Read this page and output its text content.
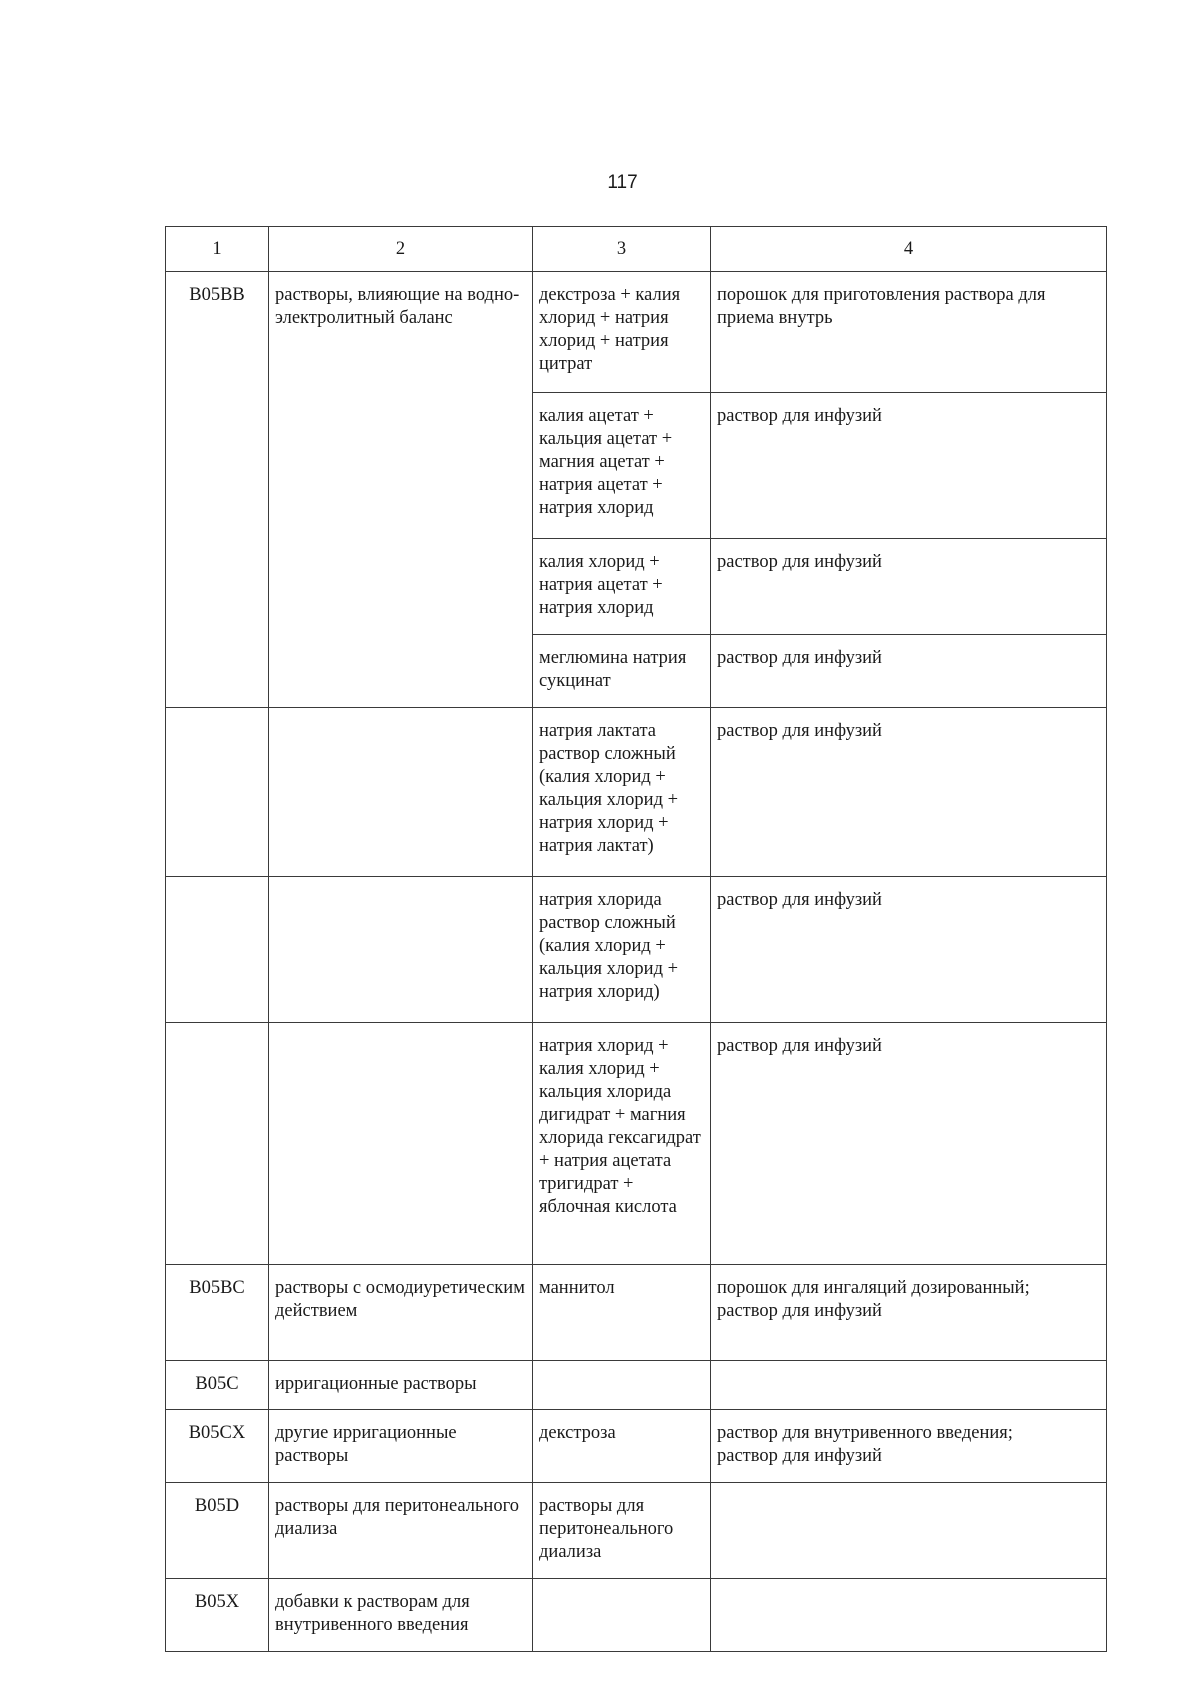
117
1	2	3	4
B05BB	растворы, влияющие на водно-электролитный баланс	декстроза + калия хлорид + натрия хлорид + натрия цитрат	порошок для приготовления раствора для приема внутрь
		калия ацетат + кальция ацетат + магния ацетат + натрия ацетат + натрия хлорид	раствор для инфузий
		калия хлорид + натрия ацетат + натрия хлорид	раствор для инфузий
		меглюмина натрия сукцинат	раствор для инфузий
		натрия лактата раствор сложный (калия хлорид + кальция хлорид + натрия хлорид + натрия лактат)	раствор для инфузий
		натрия хлорида раствор сложный (калия хлорид + кальция хлорид + натрия хлорид)	раствор для инфузий
		натрия хлорид + калия хлорид + кальция хлорида дигидрат + магния хлорида гексагидрат + натрия ацетата тригидрат + яблочная кислота	раствор для инфузий
B05BC	растворы с осмодиуретическим действием	маннитол	порошок для ингаляций дозированный;
раствор для инфузий
B05C	ирригационные растворы		
B05CX	другие ирригационные растворы	декстроза	раствор для внутривенного введения;
раствор для инфузий
B05D	растворы для перитонеального диализа	растворы для перитонеального диализа	
B05X	добавки к растворам для внутривенного введения		
